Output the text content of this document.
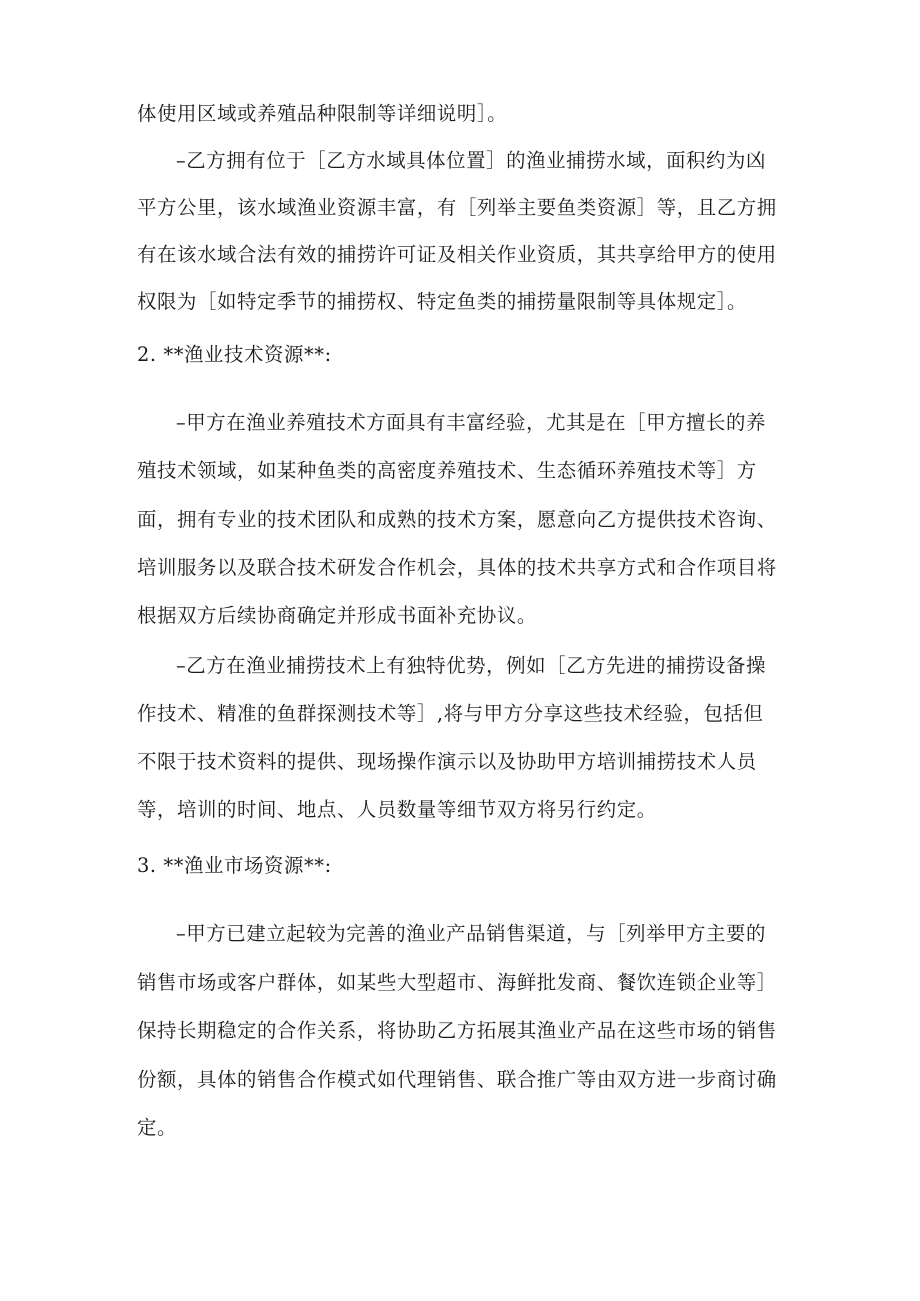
体使用区域或养殖品种限制等详细说明］。
–乙方拥有位于［乙方水域具体位置］的渔业捕捞水域，面积约为凶
平方公里，该水域渔业资源丰富，有［列举主要鱼类资源］等，且乙方拥
有在该水域合法有效的捕捞许可证及相关作业资质，其共享给甲方的使用
权限为［如特定季节的捕捞权、特定鱼类的捕捞量限制等具体规定］。
2. **渔业技术资源**:
–甲方在渔业养殖技术方面具有丰富经验，尤其是在［甲方擅长的养
殖技术领域，如某种鱼类的高密度养殖技术、生态循环养殖技术等］方
面，拥有专业的技术团队和成熟的技术方案，愿意向乙方提供技术咨询、
培训服务以及联合技术研发合作机会，具体的技术共享方式和合作项目将
根据双方后续协商确定并形成书面补充协议。
–乙方在渔业捕捞技术上有独特优势，例如［乙方先进的捕捞设备操
作技术、精准的鱼群探测技术等］,将与甲方分享这些技术经验，包括但
不限于技术资料的提供、现场操作演示以及协助甲方培训捕捞技术人员
等，培训的时间、地点、人员数量等细节双方将另行约定。
3. **渔业市场资源**:
–甲方已建立起较为完善的渔业产品销售渠道，与［列举甲方主要的
销售市场或客户群体，如某些大型超市、海鲜批发商、餐饮连锁企业等］
保持长期稳定的合作关系，将协助乙方拓展其渔业产品在这些市场的销售
份额，具体的销售合作模式如代理销售、联合推广等由双方进一步商讨确
定。
